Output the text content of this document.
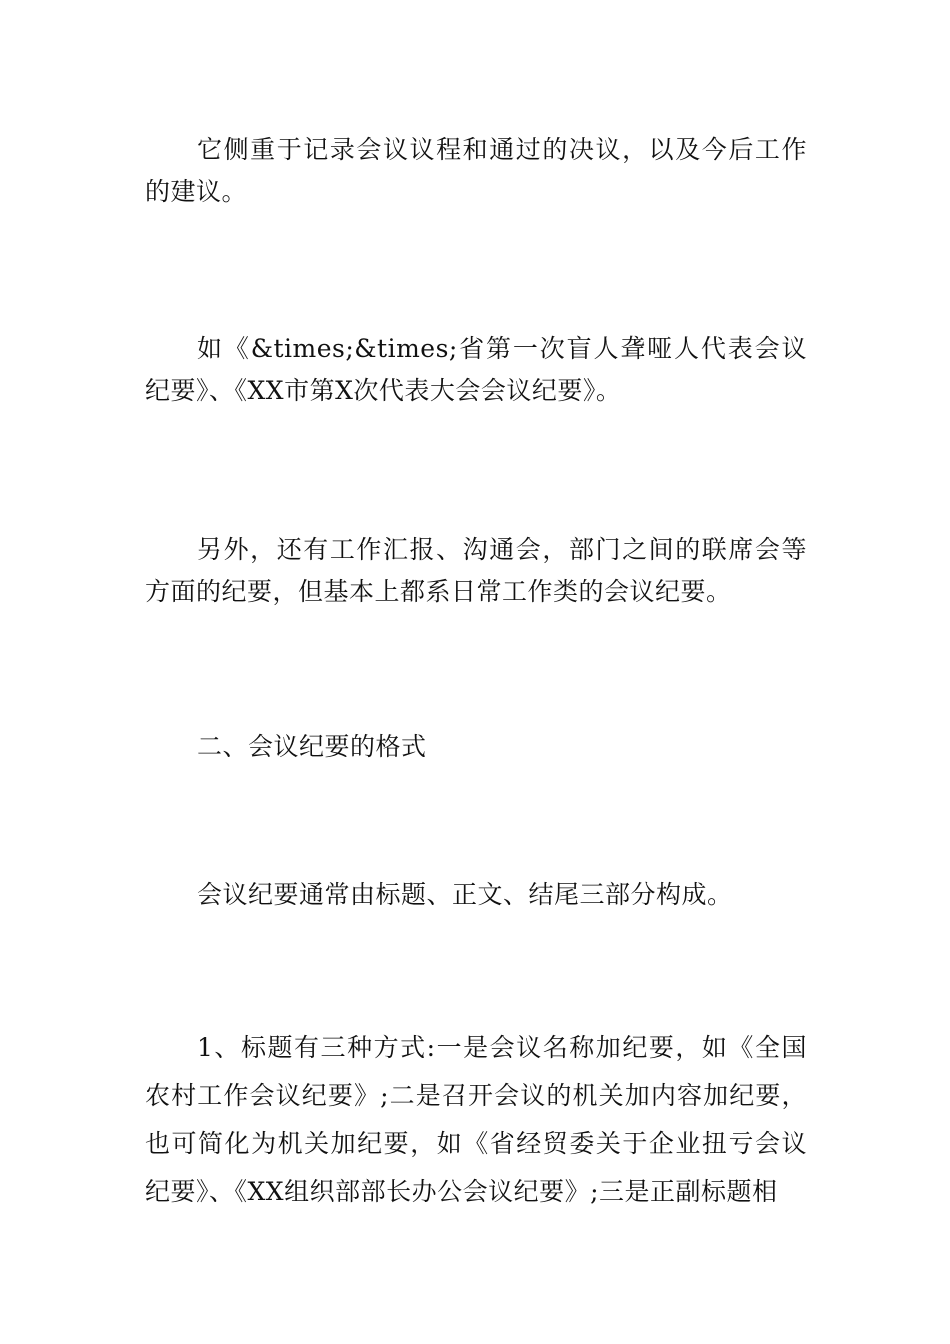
它侧重于记录会议议程和通过的决议，以及今后工作的建议。

如《&times;&times;省第一次盲人聋哑人代表会议纪要》、《XX市第X次代表大会会议纪要》。

另外，还有工作汇报、沟通会，部门之间的联席会等方面的纪要，但基本上都系日常工作类的会议纪要。

二、会议纪要的格式

会议纪要通常由标题、正文、结尾三部分构成。

1、标题有三种方式:一是会议名称加纪要，如《全国农村工作会议纪要》;二是召开会议的机关加内容加纪要，也可简化为机关加纪要，如《省经贸委关于企业扭亏会议纪要》、《XX组织部部长办公会议纪要》;三是正副标题相
